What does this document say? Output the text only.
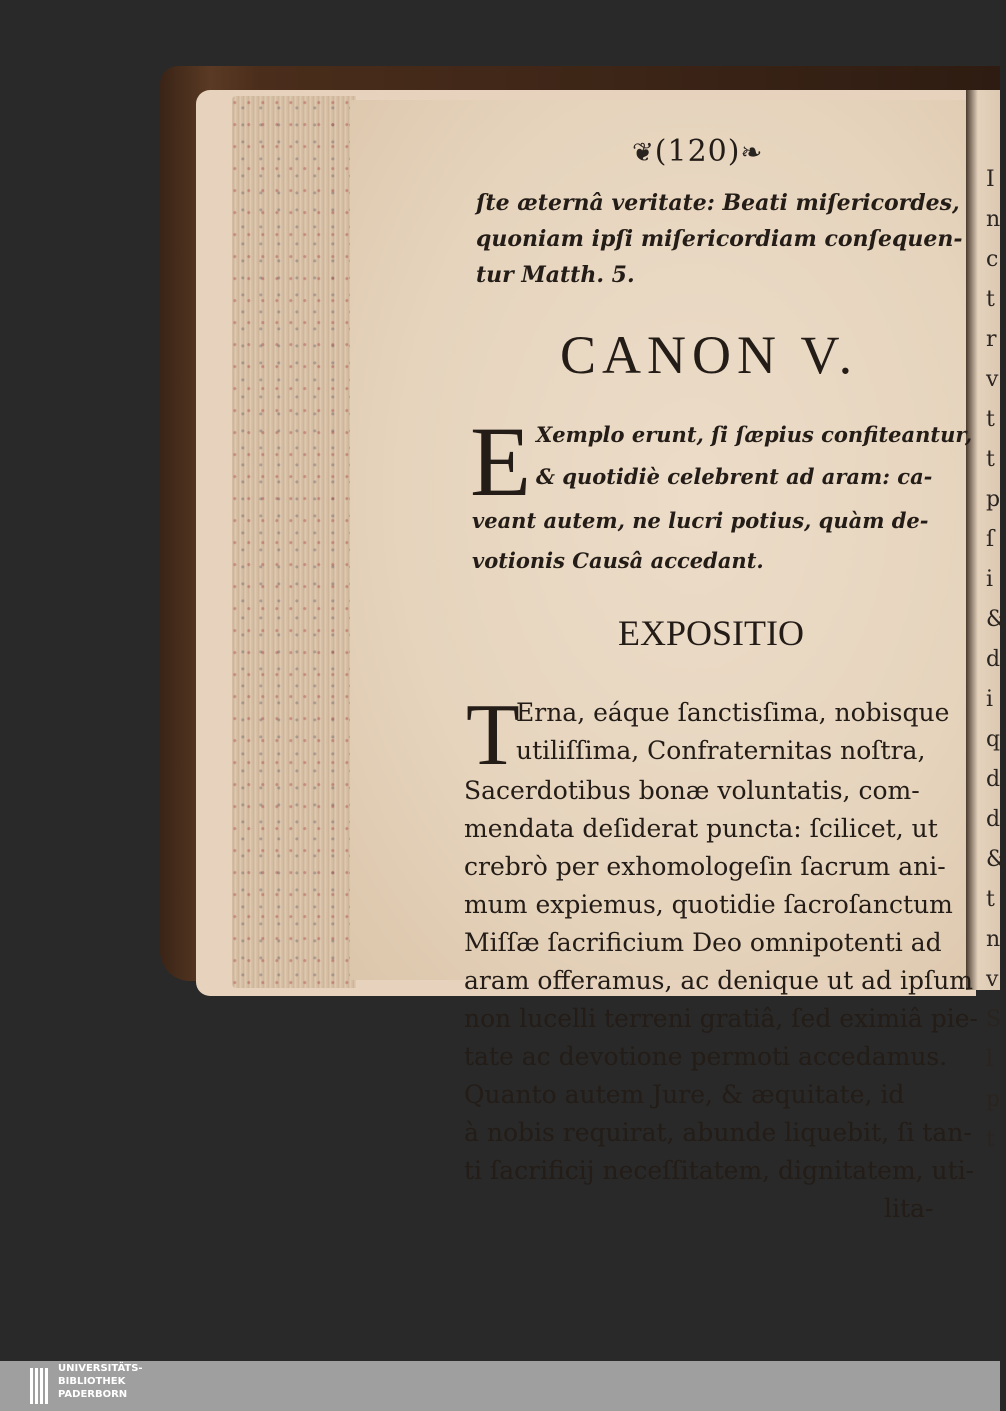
I
n
c
t
r
v
t
t
p
ſ
i
&
d
i
q
d
d
&
t
n
v
S
l
p
t
❦(120)❧
ſte æternâ veritate: Beati miſericordes,
quoniam ipſi miſericordiam conſequen-
tur Matth. 5.
CANON V.
E Xemplo erunt, ſi ſæpius confiteantur,
& quotidiè celebrent ad aram: ca-
veant autem, ne lucri potius, quàm de-
votionis Causâ accedant.
EXPOSITIO
T
Erna, eáque ſanctisſima, nobisque
utiliſſima, Confraternitas noſtra,
Sacerdotibus bonæ voluntatis, com-
mendata deſiderat puncta: ſcilicet, ut
crebrò per exhomologeſin ſacrum ani-
mum expiemus, quotidie ſacroſanctum
Miſſæ ſacrificium Deo omnipotenti ad
aram offeramus, ac denique ut ad ipſum
non lucelli terreni gratiâ, ſed eximiâ pie-
tate ac devotione permoti accedamus.
Quanto autem Jure, & æquitate, id
à nobis requirat, abunde liquebit, ſi tan-
ti ſacrificij neceſſitatem, dignitatem, uti-
lita-
UNIVERSITÄTS-
BIBLIOTHEK
PADERBORN
